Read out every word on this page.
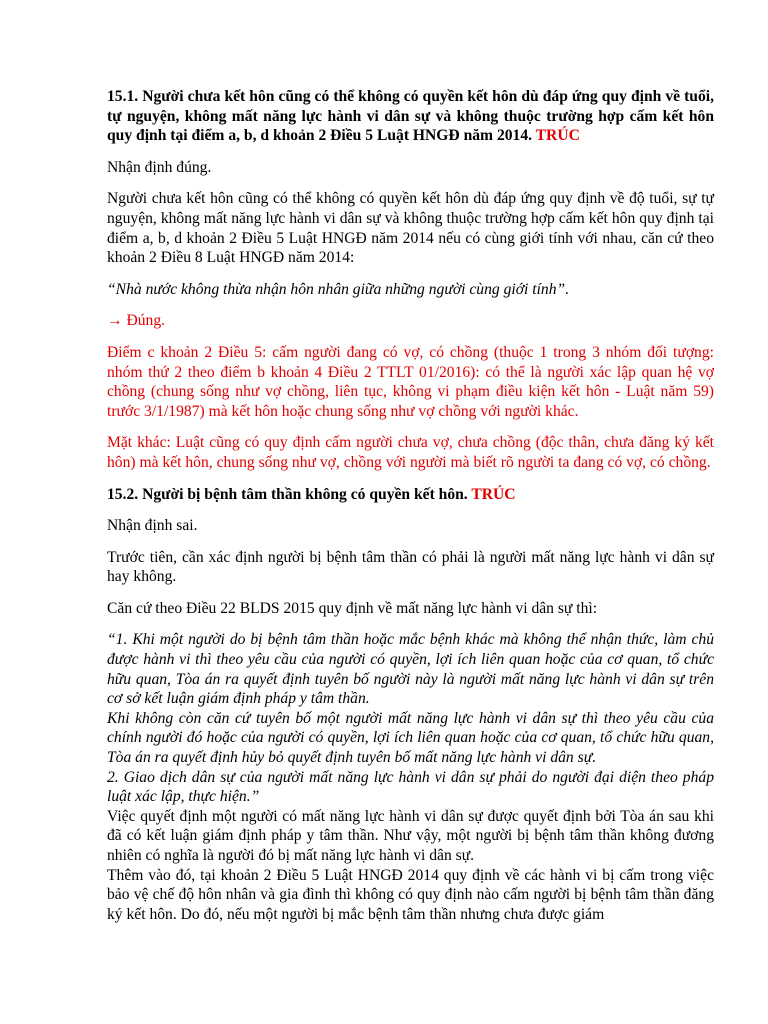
15.1. Người chưa kết hôn cũng có thể không có quyền kết hôn dù đáp ứng quy định về tuổi, tự nguyện, không mất năng lực hành vi dân sự và không thuộc trường hợp cấm kết hôn quy định tại điểm a, b, d khoản 2 Điều 5 Luật HNGĐ năm 2014. TRÚC

Nhận định đúng.

Người chưa kết hôn cũng có thể không có quyền kết hôn dù đáp ứng quy định về độ tuổi, sự tự nguyện, không mất năng lực hành vi dân sự và không thuộc trường hợp cấm kết hôn quy định tại điểm a, b, d khoản 2 Điều 5 Luật HNGĐ năm 2014 nếu có cùng giới tính với nhau, căn cứ theo khoản 2 Điều 8 Luật HNGĐ năm 2014:

“Nhà nước không thừa nhận hôn nhân giữa những người cùng giới tính”.

→ Đúng.

Điểm c khoản 2 Điều 5: cấm người đang có vợ, có chồng (thuộc 1 trong 3 nhóm đối tượng: nhóm thứ 2 theo điểm b khoản 4 Điều 2 TTLT 01/2016): có thể là người xác lập quan hệ vợ chồng (chung sống như vợ chồng, liên tục, không vi phạm điều kiện kết hôn - Luật năm 59) trước 3/1/1987) mà kết hôn hoặc chung sống như vợ chồng với người khác.

Mặt khác: Luật cũng có quy định cấm người chưa vợ, chưa chồng (độc thân, chưa đăng ký kết hôn) mà kết hôn, chung sống như vợ, chồng với người mà biết rõ người ta đang có vợ, có chồng.

15.2. Người bị bệnh tâm thần không có quyền kết hôn. TRÚC

Nhận định sai.

Trước tiên, cần xác định người bị bệnh tâm thần có phải là người mất năng lực hành vi dân sự hay không.

Căn cứ theo Điều 22 BLDS 2015 quy định về mất năng lực hành vi dân sự thì:

“1. Khi một người do bị bệnh tâm thần hoặc mắc bệnh khác mà không thể nhận thức, làm chủ được hành vi thì theo yêu cầu của người có quyền, lợi ích liên quan hoặc của cơ quan, tổ chức hữu quan, Tòa án ra quyết định tuyên bố người này là người mất năng lực hành vi dân sự trên cơ sở kết luận giám định pháp y tâm thần.

Khi không còn căn cứ tuyên bố một người mất năng lực hành vi dân sự thì theo yêu cầu của chính người đó hoặc của người có quyền, lợi ích liên quan hoặc của cơ quan, tổ chức hữu quan, Tòa án ra quyết định hủy bỏ quyết định tuyên bố mất năng lực hành vi dân sự.

2. Giao dịch dân sự của người mất năng lực hành vi dân sự phải do người đại diện theo pháp luật xác lập, thực hiện.”

Việc quyết định một người có mất năng lực hành vi dân sự được quyết định bởi Tòa án sau khi đã có kết luận giám định pháp y tâm thần. Như vậy, một người bị bệnh tâm thần không đương nhiên có nghĩa là người đó bị mất năng lực hành vi dân sự.

Thêm vào đó, tại khoản 2 Điều 5 Luật HNGĐ 2014 quy định về các hành vi bị cấm trong việc bảo vệ chế độ hôn nhân và gia đình thì không có quy định nào cấm người bị bệnh tâm thần đăng ký kết hôn. Do đó, nếu một người bị mắc bệnh tâm thần nhưng chưa được giám
